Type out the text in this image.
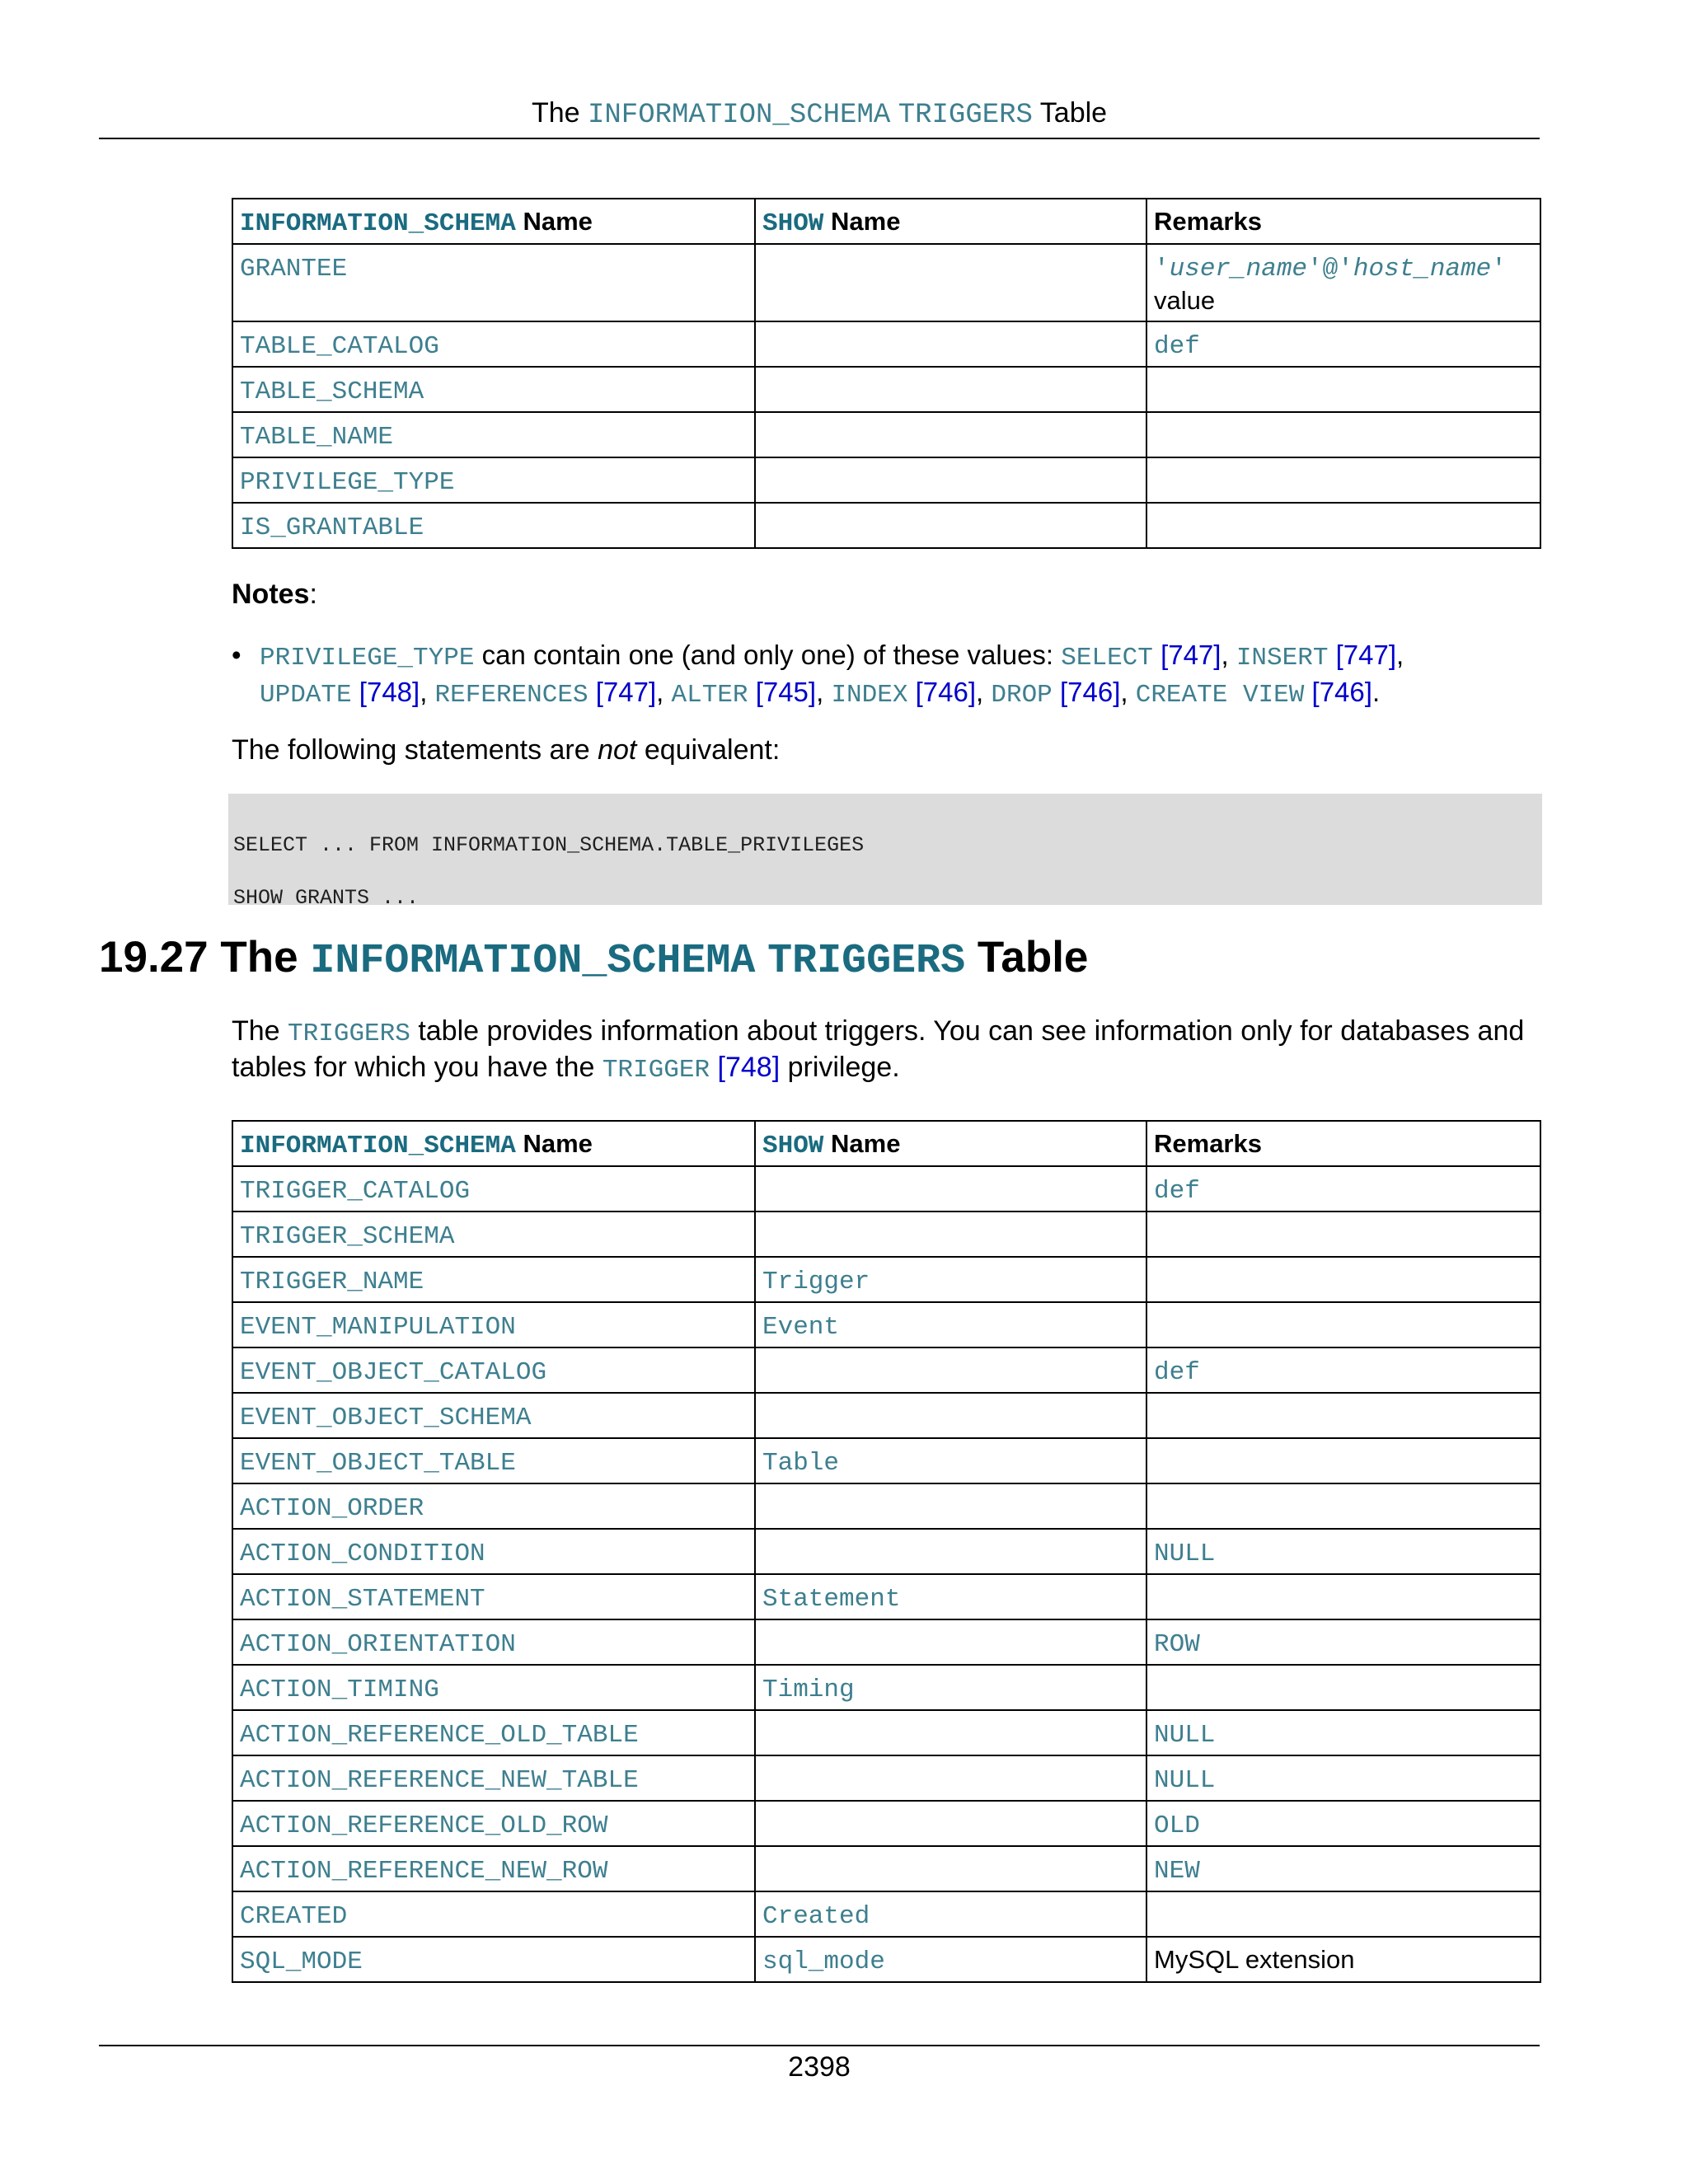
The INFORMATION_SCHEMA TRIGGERS Table
INFORMATION_SCHEMA Name	SHOW Name	Remarks
GRANTEE		'user_name'@'host_name'
value
TABLE_CATALOG		def
TABLE_SCHEMA		
TABLE_NAME		
PRIVILEGE_TYPE		
IS_GRANTABLE		
Notes:
• PRIVILEGE_TYPE can contain one (and only one) of these values: SELECT [747], INSERT [747],
UPDATE [748], REFERENCES [747], ALTER [745], INDEX [746], DROP [746], CREATE VIEW [746].
The following statements are not equivalent:
SELECT ... FROM INFORMATION_SCHEMA.TABLE_PRIVILEGES
SHOW GRANTS ...
19.27 The INFORMATION_SCHEMA TRIGGERS Table
The TRIGGERS table provides information about triggers. You can see information only for databases and tables for which you have the TRIGGER [748] privilege.
INFORMATION_SCHEMA Name	SHOW Name	Remarks
TRIGGER_CATALOG		def
TRIGGER_SCHEMA		
TRIGGER_NAME	Trigger	
EVENT_MANIPULATION	Event	
EVENT_OBJECT_CATALOG		def
EVENT_OBJECT_SCHEMA		
EVENT_OBJECT_TABLE	Table	
ACTION_ORDER		
ACTION_CONDITION		NULL
ACTION_STATEMENT	Statement	
ACTION_ORIENTATION		ROW
ACTION_TIMING	Timing	
ACTION_REFERENCE_OLD_TABLE		NULL
ACTION_REFERENCE_NEW_TABLE		NULL
ACTION_REFERENCE_OLD_ROW		OLD
ACTION_REFERENCE_NEW_ROW		NEW
CREATED	Created	
SQL_MODE	sql_mode	MySQL extension
2398
